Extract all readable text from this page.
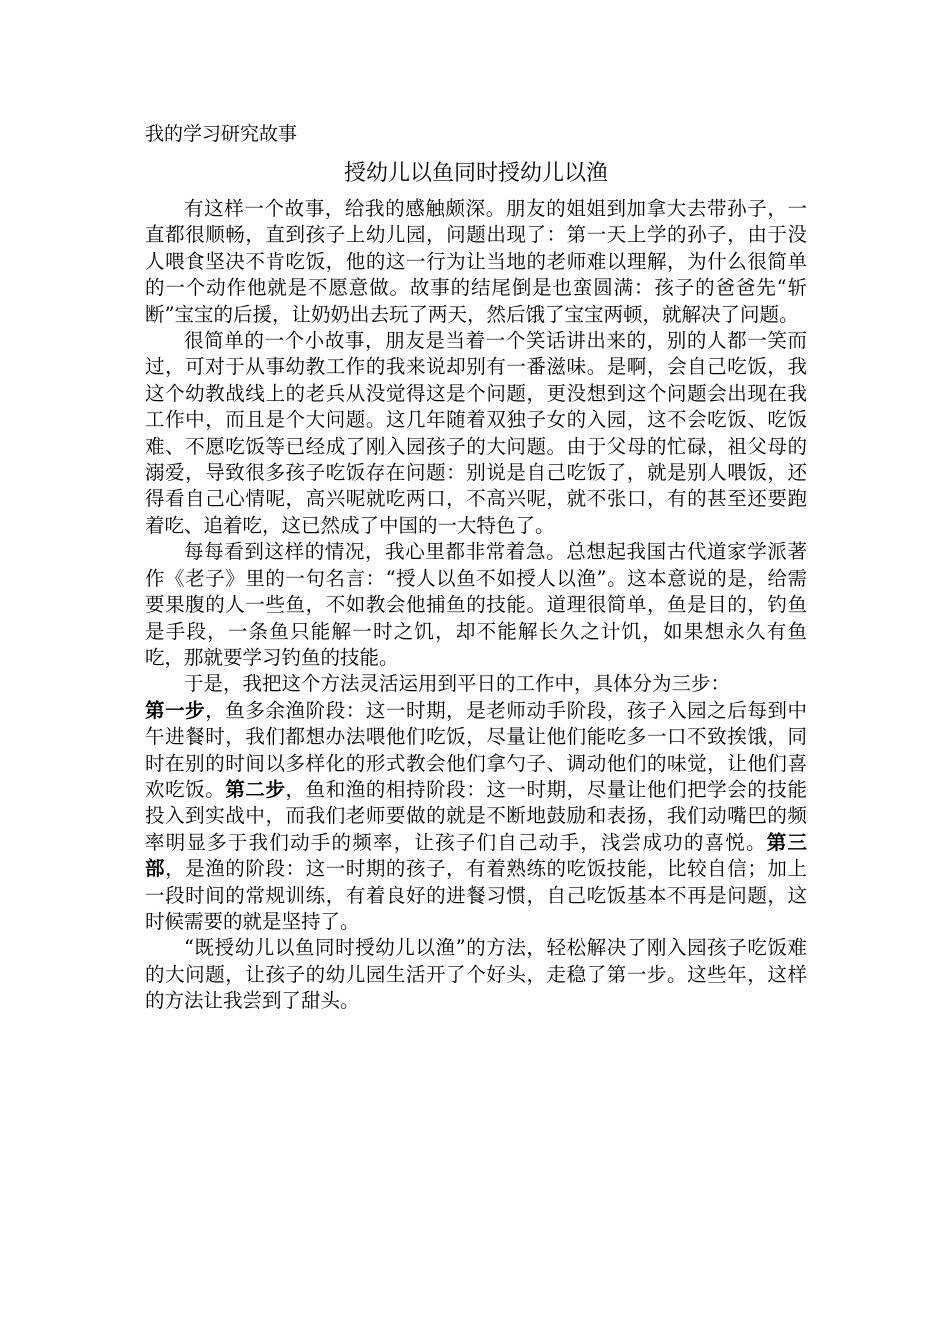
我的学习研究故事
授幼儿以鱼同时授幼儿以渔

有这样一个故事，给我的感触颇深。朋友的姐姐到加拿大去带孙子，一直都很顺畅，直到孩子上幼儿园，问题出现了：第一天上学的孙子，由于没人喂食坚决不肯吃饭，他的这一行为让当地的老师难以理解，为什么很简单的一个动作他就是不愿意做。故事的结尾倒是也蛮圆满：孩子的爸爸先“斩断”宝宝的后援，让奶奶出去玩了两天，然后饿了宝宝两顿，就解决了问题。

很简单的一个小故事，朋友是当着一个笑话讲出来的，别的人都一笑而过，可对于从事幼教工作的我来说却别有一番滋味。是啊，会自己吃饭，我这个幼教战线上的老兵从没觉得这是个问题，更没想到这个问题会出现在我工作中，而且是个大问题。这几年随着双独子女的入园，这不会吃饭、吃饭难、不愿吃饭等已经成了刚入园孩子的大问题。由于父母的忙碌，祖父母的溺爱，导致很多孩子吃饭存在问题：别说是自己吃饭了，就是别人喂饭，还得看自己心情呢，高兴呢就吃两口，不高兴呢，就不张口，有的甚至还要跑着吃、追着吃，这已然成了中国的一大特色了。

每每看到这样的情况，我心里都非常着急。总想起我国古代道家学派著作《老子》里的一句名言：“授人以鱼不如授人以渔”。这本意说的是，给需要果腹的人一些鱼，不如教会他捕鱼的技能。道理很简单，鱼是目的，钓鱼是手段，一条鱼只能解一时之饥，却不能解长久之计饥，如果想永久有鱼吃，那就要学习钓鱼的技能。

于是，我把这个方法灵活运用到平日的工作中，具体分为三步：

第一步，鱼多余渔阶段：这一时期，是老师动手阶段，孩子入园之后每到中午进餐时，我们都想办法喂他们吃饭，尽量让他们能吃多一口不致挨饿，同时在别的时间以多样化的形式教会他们拿勺子、调动他们的味觉，让他们喜欢吃饭。第二步，鱼和渔的相持阶段：这一时期，尽量让他们把学会的技能投入到实战中，而我们老师要做的就是不断地鼓励和表扬，我们动嘴巴的频率明显多于我们动手的频率，让孩子们自己动手，浅尝成功的喜悦。第三部，是渔的阶段：这一时期的孩子，有着熟练的吃饭技能，比较自信；加上一段时间的常规训练，有着良好的进餐习惯，自己吃饭基本不再是问题，这时候需要的就是坚持了。

“既授幼儿以鱼同时授幼儿以渔”的方法，轻松解决了刚入园孩子吃饭难的大问题，让孩子的幼儿园生活开了个好头，走稳了第一步。这些年，这样的方法让我尝到了甜头。
